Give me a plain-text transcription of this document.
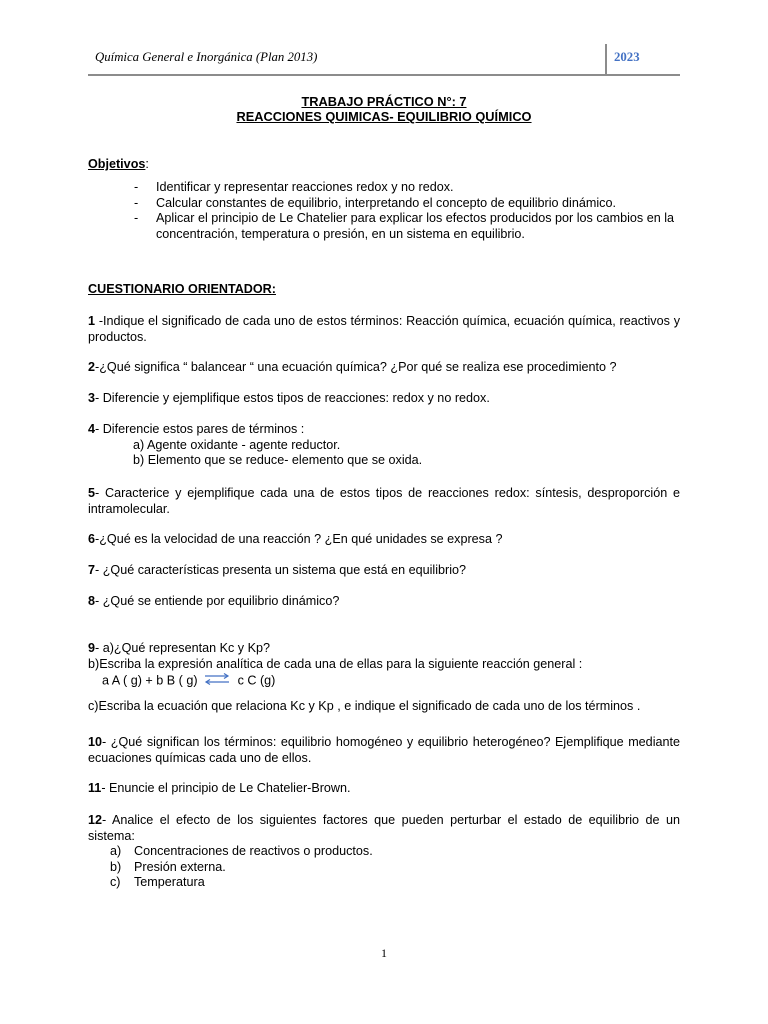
Química General e Inorgánica (Plan 2013)	2023
TRABAJO PRÁCTICO N°: 7
REACCIONES QUIMICAS- EQUILIBRIO QUÍMICO
Objetivos:
- Identificar y representar reacciones redox y no redox.
- Calcular constantes de equilibrio, interpretando el concepto de equilibrio dinámico.
- Aplicar el principio de Le Chatelier para explicar los efectos producidos por los cambios en la concentración, temperatura o presión, en un sistema en equilibrio.
CUESTIONARIO ORIENTADOR:
1 -Indique el significado de cada uno de estos términos: Reacción química, ecuación química, reactivos y productos.
2-¿Qué significa “ balancear “ una ecuación química? ¿Por qué se realiza ese procedimiento ?
3- Diferencie y ejemplifique estos tipos de reacciones: redox y no redox.
4- Diferencie estos pares de términos :
a) Agente oxidante - agente reductor.
b) Elemento que se reduce- elemento que se oxida.
5- Caracterice y ejemplifique cada una de estos tipos de reacciones redox: síntesis, desproporción e intramolecular.
6-¿Qué es la velocidad de una reacción ? ¿En qué unidades se expresa ?
7- ¿Qué características presenta un sistema que está en equilibrio?
8- ¿Qué se entiende por equilibrio dinámico?
9- a)¿Qué representan Kc y Kp?
b)Escriba la expresión analítica de cada una de ellas para la siguiente reacción general :
a A ( g) + b B ( g) ⇌ c C (g)
c)Escriba la ecuación que relaciona Kc y Kp , e indique el significado de cada uno de los términos .
10- ¿Qué significan los términos: equilibrio homogéneo y equilibrio heterogéneo? Ejemplifique mediante ecuaciones químicas cada uno de ellos.
11- Enuncie el principio de Le Chatelier-Brown.
12- Analice el efecto de los siguientes factores que pueden perturbar el estado de equilibrio de un sistema:
a) Concentraciones de reactivos o productos.
b) Presión externa.
c) Temperatura
1
